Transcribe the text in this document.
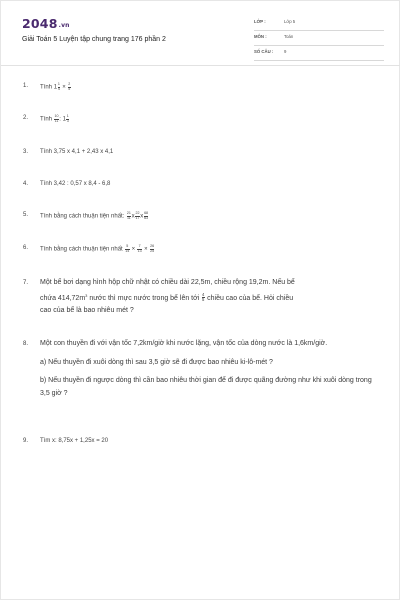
2048.vn
Giải Toán 5 Luyện tập chung trang 176 phần 2
LỚP :	Lớp 5
MÔN :	Toán
SỐ CÂU : 9
1. Tính $1 \frac{1}{4} \times \frac{2}{5}$
2. Tính $\frac{10}{11}$ : $1 \frac{1}{3}$
3. Tính 3,75 x 4,1 + 2,43 x 4,1
4. Tính 3,42 : 0,57 x 8,4 - 6,8
5. Tính bằng cách thuận tiện nhất: $\frac{21}{11}$ x $\frac{22}{17}$ x $\frac{68}{63}$
6. Tính bằng cách thuận tiện nhất $\frac{5}{14} \times \frac{7}{13} \times \frac{26}{25}$
7. Một bể bơi dạng hình hộp chữ nhật có chiều dài 22,5m, chiều rộng 19,2m. Nếu bể
chứa $414,72m^3$ nước thì mực nước trong bể lên tới $\frac{4}{5}$ chiều cao của bể. Hỏi chiều
cao của bể là bao nhiêu mét ?
8. Một con thuyền đi với vận tốc 7,2km/giờ khi nước lặng, vận tốc của dòng nước là 1,6km/giờ.
a) Nếu thuyền đi xuôi dòng thì sau 3,5 giờ sẽ đi được bao nhiêu ki-lô-mét ?
b) Nếu thuyền đi ngược dòng thì cần bao nhiêu thời gian để đi được quãng đường như khi xuôi dòng trong 3,5 giờ ?
9. Tìm x: 8,75x + 1,25x = 20
